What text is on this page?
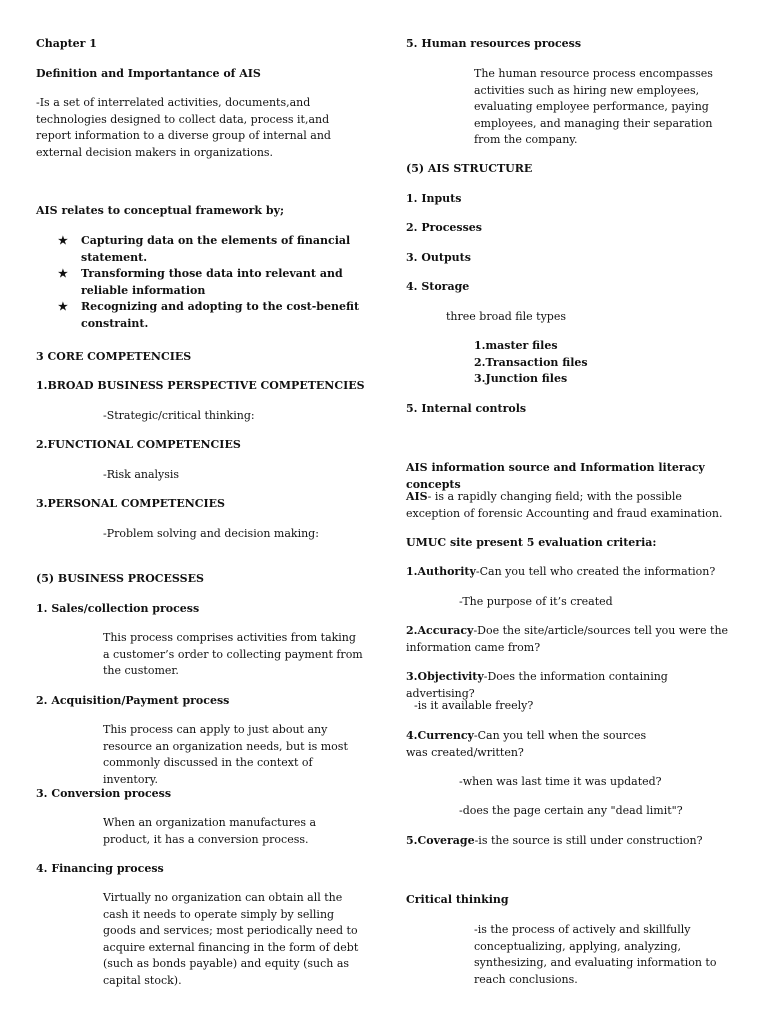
Chapter 1
Definition and Importantance of AIS
-Is a set of interrelated activities, documents,and technologies designed to collect data, process it,and report information to a diverse group of internal and external decision makers in organizations.
AIS relates to conceptual framework by;
★ Capturing data on the elements of financial statement.
★ Transforming those data into relevant and reliable information
★ Recognizing and adopting to the cost-benefit constraint.
3 CORE COMPETENCIES
1.BROAD BUSINESS PERSPECTIVE COMPETENCIES
-Strategic/critical thinking:
2.FUNCTIONAL COMPETENCIES
-Risk analysis
3.PERSONAL COMPETENCIES
-Problem solving and decision making:
(5) BUSINESS PROCESSES
1. Sales/collection process
This process comprises activities from taking a customer’s order to collecting payment from the customer.
2. Acquisition/Payment process
This process can apply to just about any resource an organization needs, but is most commonly discussed in the context of inventory.
3. Conversion process
When an organization manufactures a product, it has a conversion process.
4. Financing process
Virtually no organization can obtain all the cash it needs to operate simply by selling goods and services; most periodically need to acquire external financing in the form of debt (such as bonds payable) and equity (such as capital stock).
5. Human resources process
The human resource process encompasses activities such as hiring new employees, evaluating employee performance, paying employees, and managing their separation from the company.
(5) AIS STRUCTURE
1. Inputs
2. Processes
3. Outputs
4. Storage
three broad file types
1.master files
2.Transaction files
3.Junction files
5. Internal controls
AIS information source and Information literacy concepts
AIS- is a rapidly changing field; with the possible exception of forensic Accounting and fraud examination.
UMUC site present 5 evaluation criteria:
1.Authority-Can you tell who created the information?
-The purpose of it’s created
2.Accuracy-Doe the site/article/sources tell you were the information came from?
3.Objectivity-Does the information containing advertising?
-is it available freely?
4.Currency-Can you tell when the sources was created/written?
-when was last time it was updated?
-does the page certain any "dead limit"?
5.Coverage-is the source is still under construction?
Critical thinking
-is the process of actively and skillfully conceptualizing, applying, analyzing, synthesizing, and evaluating information to reach conclusions.
